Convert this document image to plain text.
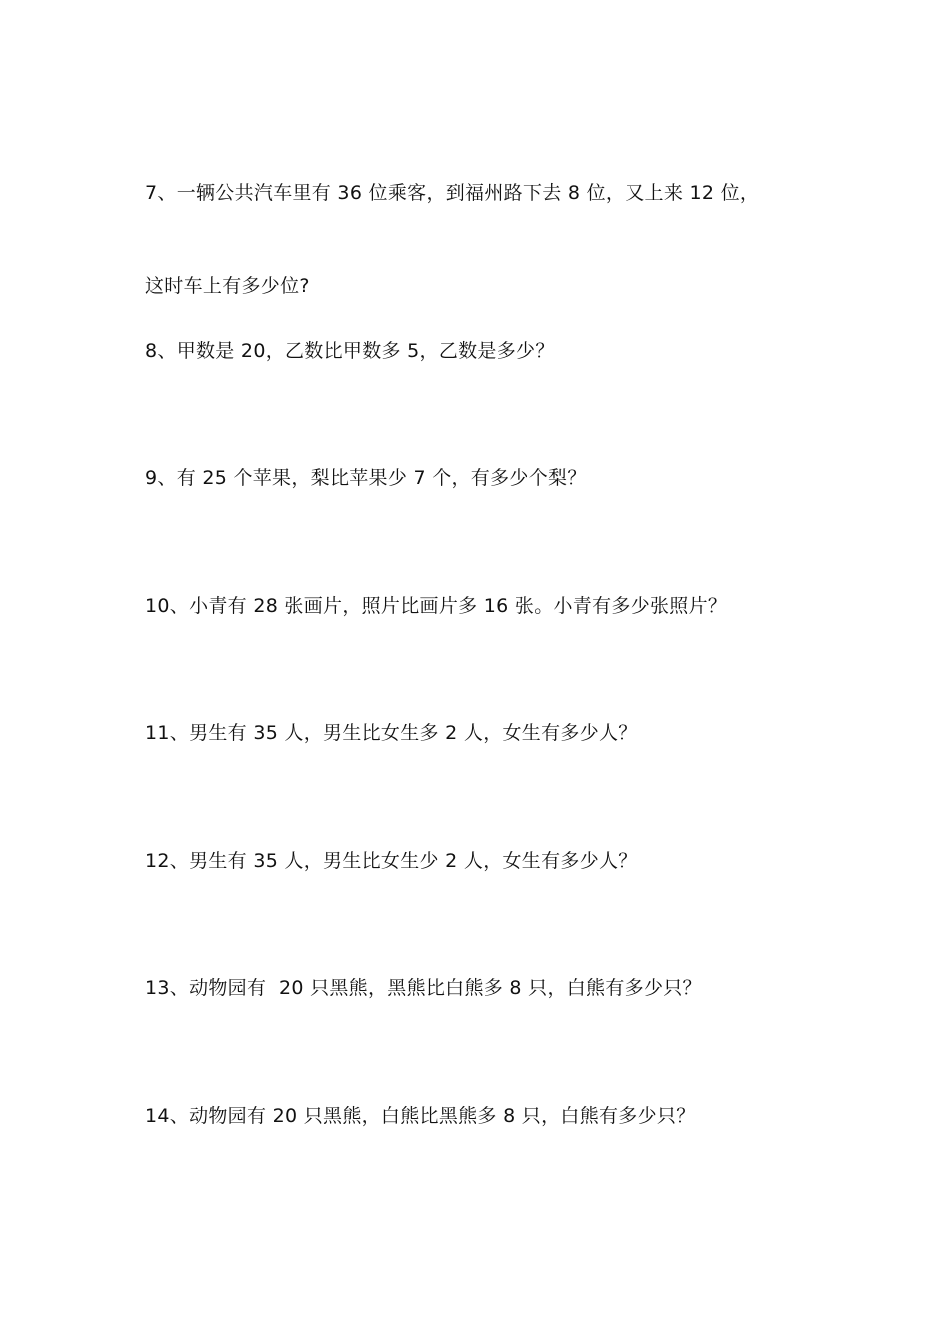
7、一辆公共汽车里有 36 位乘客，到福州路下去 8 位，又上来 12 位，

这时车上有多少位?

8、甲数是 20，乙数比甲数多 5，乙数是多少？

9、有 25 个苹果，梨比苹果少 7 个，有多少个梨？

10、小青有 28 张画片，照片比画片多 16 张。小青有多少张照片？

11、男生有 35 人，男生比女生多 2 人，女生有多少人？

12、男生有 35 人，男生比女生少 2 人，女生有多少人？

13、动物园有  20 只黑熊，黑熊比白熊多 8 只，白熊有多少只？

14、动物园有 20 只黑熊，白熊比黑熊多 8 只，白熊有多少只？
